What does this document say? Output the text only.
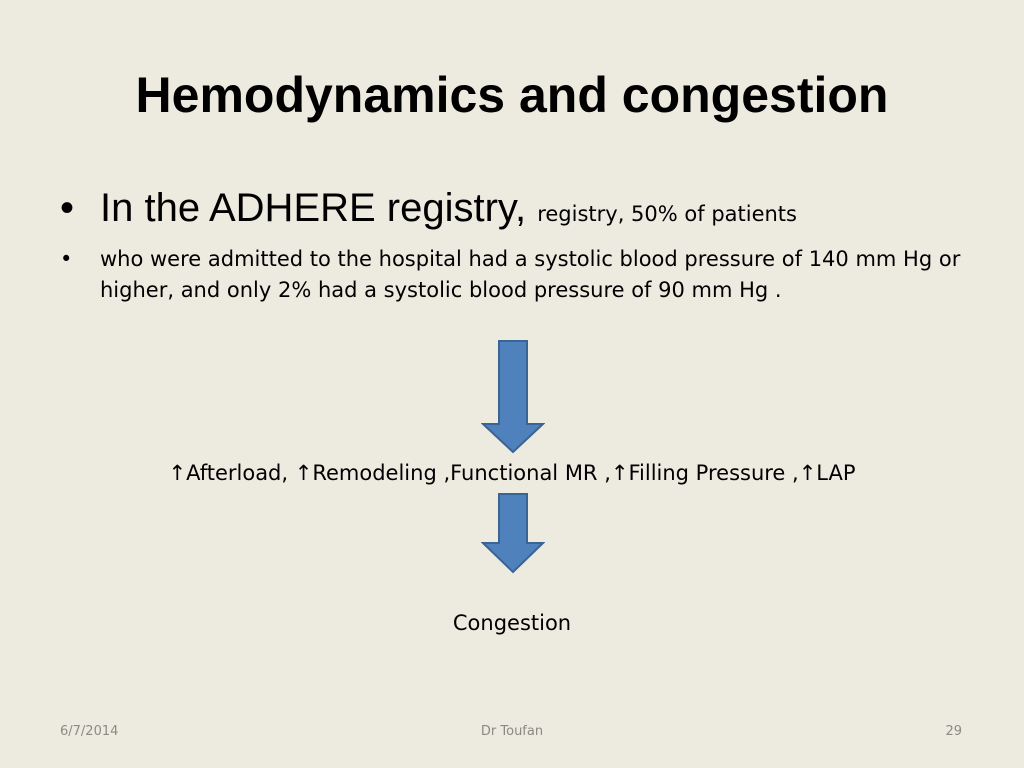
Hemodynamics and congestion
• In the ADHERE registry, registry, 50% of patients
• who were admitted to the hospital had a systolic blood pressure of 140 mm Hg or higher, and only 2% had a systolic blood pressure of 90 mm Hg .
↑Afterload, ↑Remodeling ,Functional MR ,↑Filling Pressure ,↑LAP
Congestion
6/7/2014	Dr Toufan	29
